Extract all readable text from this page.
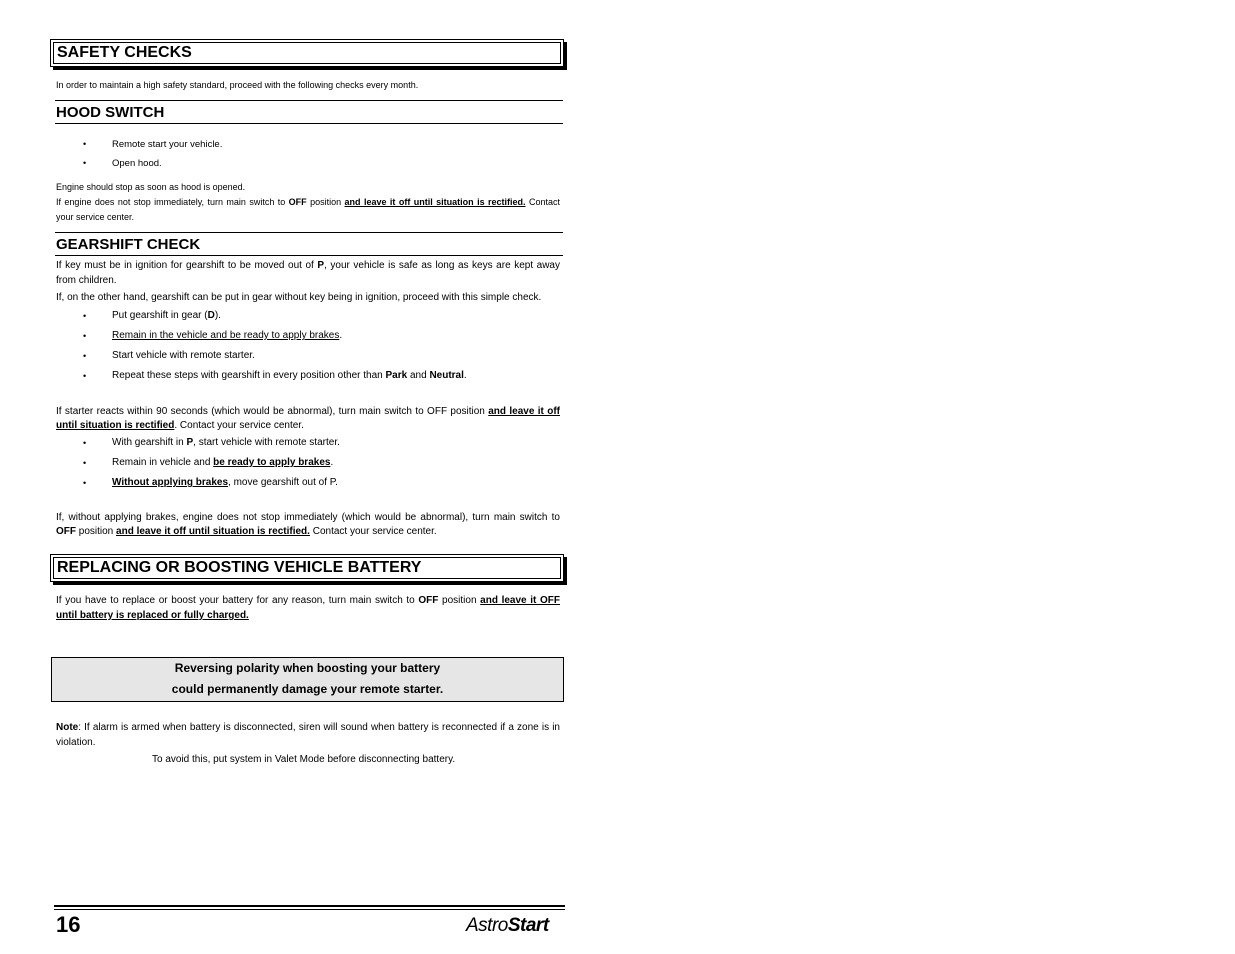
SAFETY CHECKS
In order to maintain a high safety standard, proceed with the following checks every month.
HOOD SWITCH
• Remote start your vehicle.
• Open hood.
Engine should stop as soon as hood is opened.
If engine does not stop immediately, turn main switch to OFF position and leave it off until situation is rectified. Contact your service center.
GEARSHIFT CHECK
If key must be in ignition for gearshift to be moved out of P, your vehicle is safe as long as keys are kept away from children.
If, on the other hand, gearshift can be put in gear without key being in ignition, proceed with this simple check.
• Put gearshift in gear (D).
• Remain in the vehicle and be ready to apply brakes.
• Start vehicle with remote starter.
• Repeat these steps with gearshift in every position other than Park and Neutral.
If starter reacts within 90 seconds (which would be abnormal), turn main switch to OFF position and leave it off until situation is rectified. Contact your service center.
• With gearshift in P, start vehicle with remote starter.
• Remain in vehicle and be ready to apply brakes.
• Without applying brakes, move gearshift out of P.
If, without applying brakes, engine does not stop immediately (which would be abnormal), turn main switch to OFF position and leave it off until situation is rectified. Contact your service center.
REPLACING OR BOOSTING VEHICLE BATTERY
If you have to replace or boost your battery for any reason, turn main switch to OFF position and leave it OFF until battery is replaced or fully charged.
Reversing polarity when boosting your battery
could permanently damage your remote starter.
Note: If alarm is armed when battery is disconnected, siren will sound when battery is reconnected if a zone is in violation.
To avoid this, put system in Valet Mode before disconnecting battery.
16	AstroStart
